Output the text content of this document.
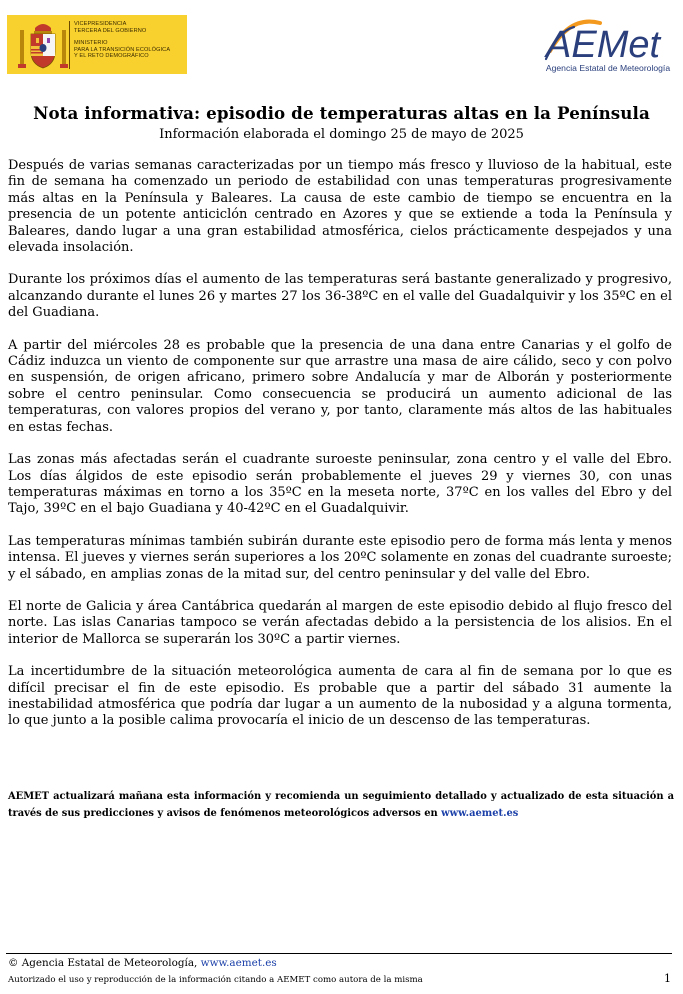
VICEPRESIDENCIA
TERCERA DEL GOBIERNO
MINISTERIO
PARA LA TRANSICIÓN ECOLÓGICA
Y EL RETO DEMOGRÁFICO	AEMet
Agencia Estatal de Meteorología
Nota informativa: episodio de temperaturas altas en la Península
Información elaborada el domingo 25 de mayo de 2025

Después de varias semanas caracterizadas por un tiempo más fresco y lluvioso de la habitual, este fin de semana ha comenzado un periodo de estabilidad con unas temperaturas progresivamente más altas en la Península y Baleares. La causa de este cambio de tiempo se encuentra en la presencia de un potente anticiclón centrado en Azores y que se extiende a toda la Península y Baleares, dando lugar a una gran estabilidad atmosférica, cielos prácticamente despejados y una elevada insolación.

Durante los próximos días el aumento de las temperaturas será bastante generalizado y progresivo, alcanzando durante el lunes 26 y martes 27 los 36-38ºC en el valle del Guadalquivir y los 35ºC en el del Guadiana.

A partir del miércoles 28 es probable que la presencia de una dana entre Canarias y el golfo de Cádiz induzca un viento de componente sur que arrastre una masa de aire cálido, seco y con polvo en suspensión, de origen africano, primero sobre Andalucía y mar de Alborán y posteriormente sobre el centro peninsular. Como consecuencia se producirá un aumento adicional de las temperaturas, con valores propios del verano y, por tanto, claramente más altos de las habituales en estas fechas.

Las zonas más afectadas serán el cuadrante suroeste peninsular, zona centro y el valle del Ebro. Los días álgidos de este episodio serán probablemente el jueves 29 y viernes 30, con unas temperaturas máximas en torno a los 35ºC en la meseta norte, 37ºC en los valles del Ebro y del Tajo, 39ºC en el bajo Guadiana y 40-42ºC en el Guadalquivir.

Las temperaturas mínimas también subirán durante este episodio pero de forma más lenta y menos intensa. El jueves y viernes serán superiores a los 20ºC solamente en zonas del cuadrante suroeste; y el sábado, en amplias zonas de la mitad sur, del centro peninsular y del valle del Ebro.

El norte de Galicia y área Cantábrica quedarán al margen de este episodio debido al flujo fresco del norte. Las islas Canarias tampoco se verán afectadas debido a la persistencia de los alisios. En el interior de Mallorca se superarán los 30ºC a partir viernes.

La incertidumbre de la situación meteorológica aumenta de cara al fin de semana por lo que es difícil precisar el fin de este episodio. Es probable que a partir del sábado 31 aumente la inestabilidad atmosférica que podría dar lugar a un aumento de la nubosidad y a alguna tormenta, lo que junto a la posible calima provocaría el inicio de un descenso de las temperaturas.

AEMET actualizará mañana esta información y recomienda un seguimiento detallado y actualizado de esta situación a través de sus predicciones y avisos de fenómenos meteorológicos adversos en www.aemet.es
© Agencia Estatal de Meteorología, www.aemet.es
Autorizado el uso y reproducción de la información citando a AEMET como autora de la misma	1
